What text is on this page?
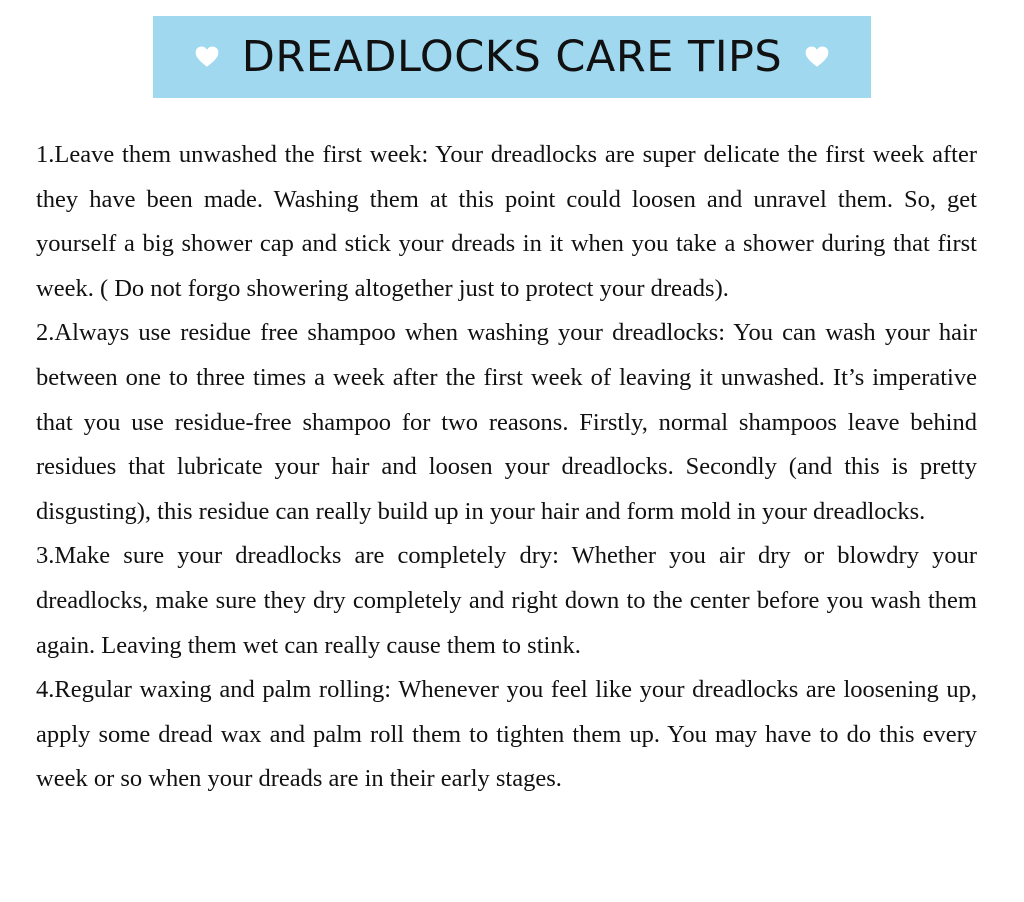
DREADLOCKS CARE TIPS

1.Leave them unwashed the first week: Your dreadlocks are super delicate the first week after they have been made. Washing them at this point could loosen and unravel them. So, get yourself a big shower cap and stick your dreads in it when you take a shower during that first week. ( Do not forgo showering altogether just to protect your dreads).

2.Always use residue free shampoo when washing your dreadlocks: You can wash your hair between one to three times a week after the first week of leaving it unwashed. It’s imperative that you use residue-free shampoo for two reasons. Firstly, normal shampoos leave behind residues that lubricate your hair and loosen your dreadlocks. Secondly (and this is pretty disgusting), this residue can really build up in your hair and form mold in your dreadlocks.

3.Make sure your dreadlocks are completely dry: Whether you air dry or blowdry your dreadlocks, make sure they dry completely and right down to the center before you wash them again. Leaving them wet can really cause them to stink.

4.Regular waxing and palm rolling: Whenever you feel like your dreadlocks are loosening up, apply some dread wax and palm roll them to tighten them up. You may have to do this every week or so when your dreads are in their early stages.
